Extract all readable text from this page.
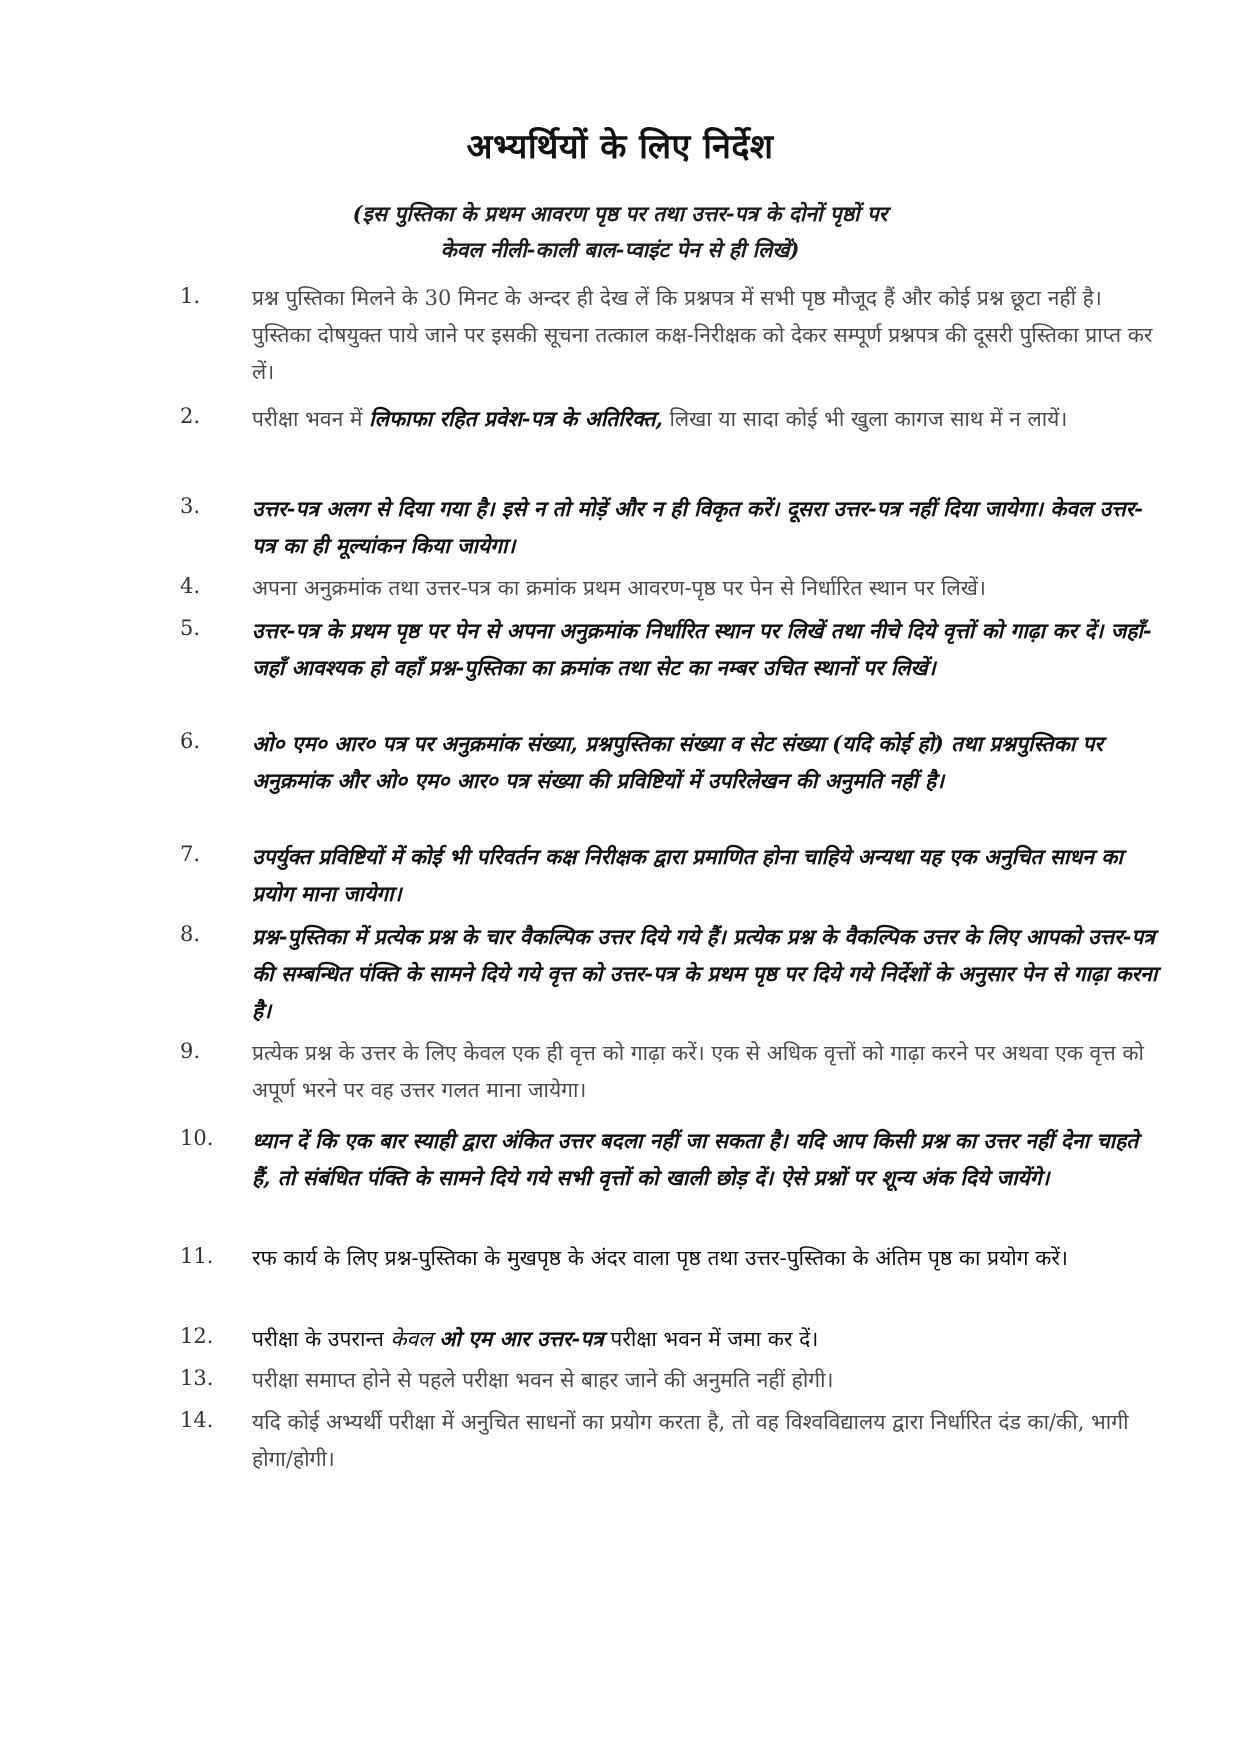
अभ्यर्थियों के लिए निर्देश
(इस पुस्तिका के प्रथम आवरण पृष्ठ पर तथा उत्तर-पत्र के दोनों पृष्ठों पर
केवल नीली-काली बाल-प्वाइंट पेन से ही लिखें)
1. प्रश्न पुस्तिका मिलने के 30 मिनट के अन्दर ही देख लें कि प्रश्नपत्र में सभी पृष्ठ मौजूद हैं और कोई प्रश्न छूटा नहीं है। पुस्तिका दोषयुक्त पाये जाने पर इसकी सूचना तत्काल कक्ष-निरीक्षक को देकर सम्पूर्ण प्रश्नपत्र की दूसरी पुस्तिका प्राप्त कर लें।
2. परीक्षा भवन में लिफाफा रहित प्रवेश-पत्र के अतिरिक्त, लिखा या सादा कोई भी खुला कागज साथ में न लायें।
3. उत्तर-पत्र अलग से दिया गया है। इसे न तो मोड़ें और न ही विकृत करें। दूसरा उत्तर-पत्र नहीं दिया जायेगा। केवल उत्तर-पत्र का ही मूल्यांकन किया जायेगा।
4. अपना अनुक्रमांक तथा उत्तर-पत्र का क्रमांक प्रथम आवरण-पृष्ठ पर पेन से निर्धारित स्थान पर लिखें।
5. उत्तर-पत्र के प्रथम पृष्ठ पर पेन से अपना अनुक्रमांक निर्धारित स्थान पर लिखें तथा नीचे दिये वृत्तों को गाढ़ा कर दें। जहाँ-जहाँ आवश्यक हो वहाँ प्रश्न-पुस्तिका का क्रमांक तथा सेट का नम्बर उचित स्थानों पर लिखें।
6. ओ० एम० आर० पत्र पर अनुक्रमांक संख्या, प्रश्नपुस्तिका संख्या व सेट संख्या (यदि कोई हो) तथा प्रश्नपुस्तिका पर अनुक्रमांक और ओ० एम० आर० पत्र संख्या की प्रविष्टियों में उपरिलेखन की अनुमति नहीं है।
7. उपर्युक्त प्रविष्टियों में कोई भी परिवर्तन कक्ष निरीक्षक द्वारा प्रमाणित होना चाहिये अन्यथा यह एक अनुचित साधन का प्रयोग माना जायेगा।
8. प्रश्न-पुस्तिका में प्रत्येक प्रश्न के चार वैकल्पिक उत्तर दिये गये हैं। प्रत्येक प्रश्न के वैकल्पिक उत्तर के लिए आपको उत्तर-पत्र की सम्बन्धित पंक्ति के सामने दिये गये वृत्त को उत्तर-पत्र के प्रथम पृष्ठ पर दिये गये निर्देशों के अनुसार पेन से गाढ़ा करना है।
9. प्रत्येक प्रश्न के उत्तर के लिए केवल एक ही वृत्त को गाढ़ा करें। एक से अधिक वृत्तों को गाढ़ा करने पर अथवा एक वृत्त को अपूर्ण भरने पर वह उत्तर गलत माना जायेगा।
10. ध्यान दें कि एक बार स्याही द्वारा अंकित उत्तर बदला नहीं जा सकता है। यदि आप किसी प्रश्न का उत्तर नहीं देना चाहते हैं, तो संबंधित पंक्ति के सामने दिये गये सभी वृत्तों को खाली छोड़ दें। ऐसे प्रश्नों पर शून्य अंक दिये जायेंगे।
11. रफ कार्य के लिए प्रश्न-पुस्तिका के मुखपृष्ठ के अंदर वाला पृष्ठ तथा उत्तर-पुस्तिका के अंतिम पृष्ठ का प्रयोग करें।
12. परीक्षा के उपरान्त केवल ओ एम आर उत्तर-पत्र परीक्षा भवन में जमा कर दें।
13. परीक्षा समाप्त होने से पहले परीक्षा भवन से बाहर जाने की अनुमति नहीं होगी।
14. यदि कोई अभ्यर्थी परीक्षा में अनुचित साधनों का प्रयोग करता है, तो वह विश्वविद्यालय द्वारा निर्धारित दंड का/की, भागी होगा/होगी।
